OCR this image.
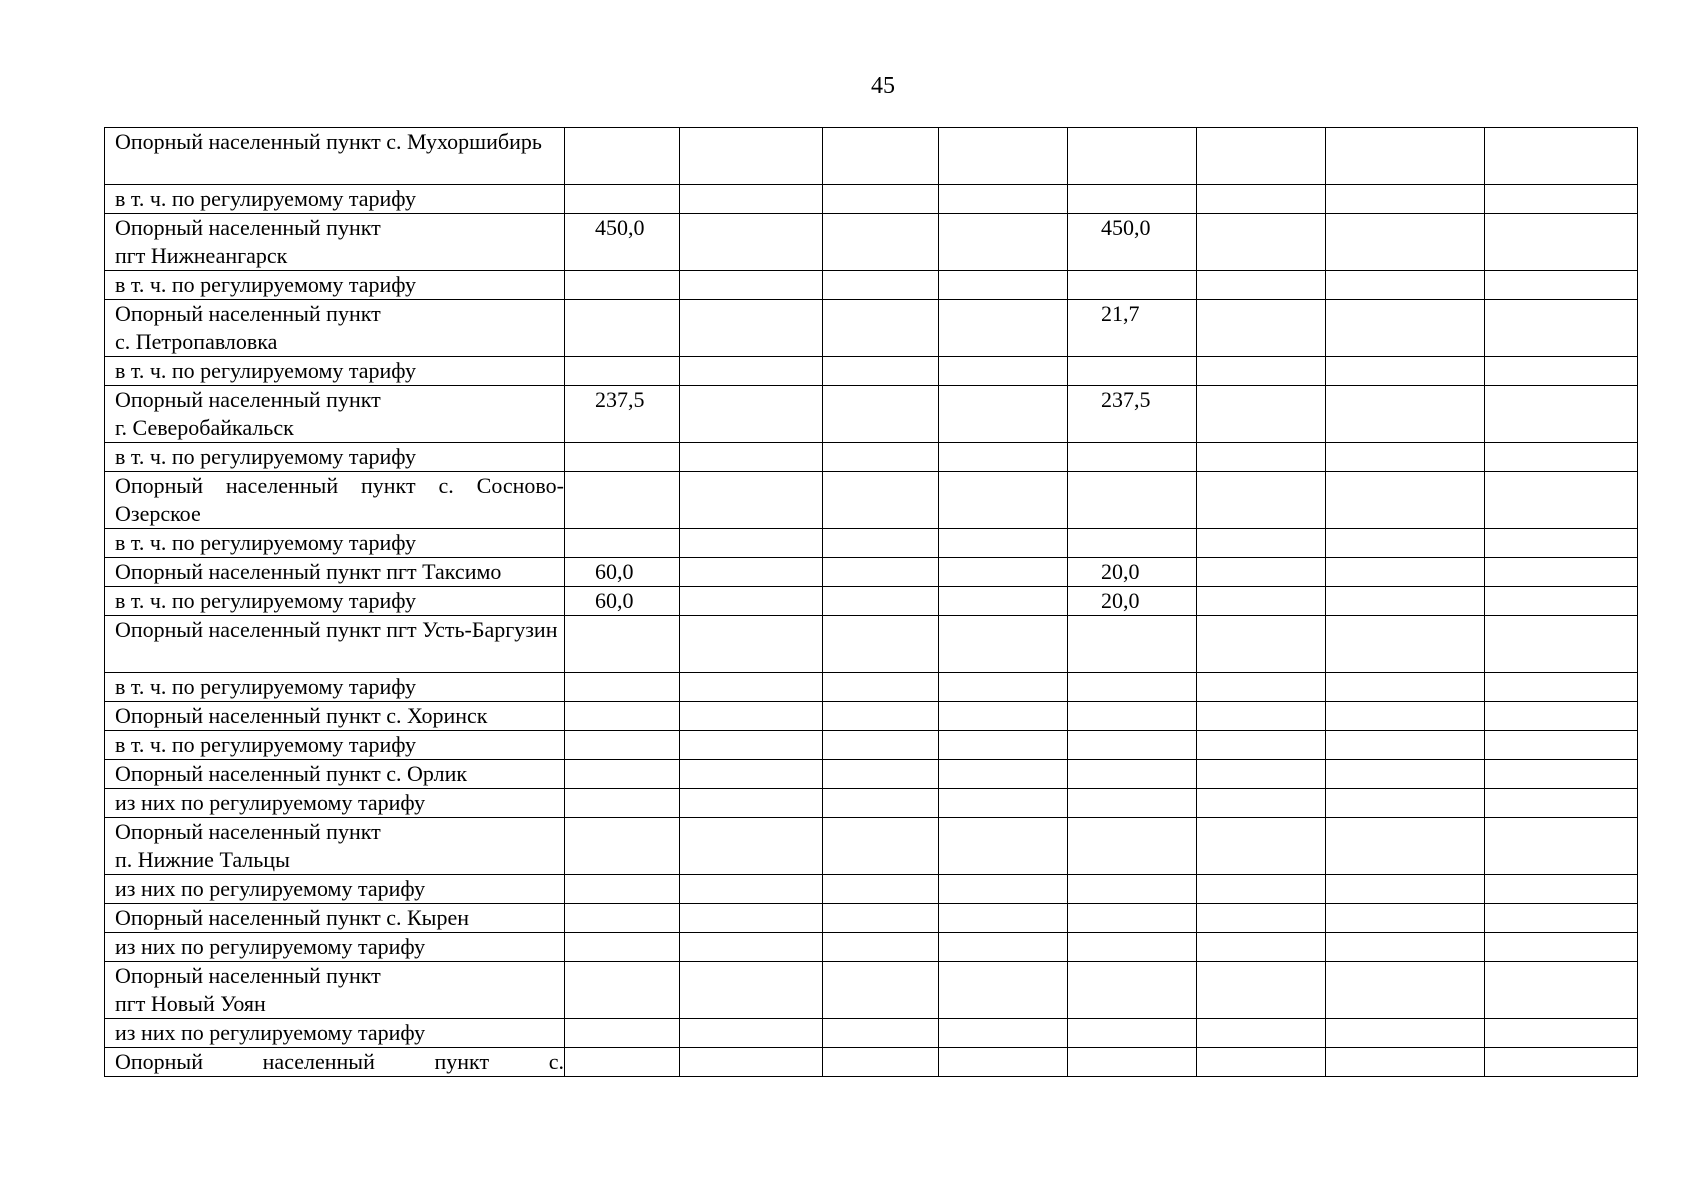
45
Опорный населенный пункт с. Мухоршибирь								
в т. ч. по регулируемому тарифу								

Опорный населенный пункт
пгт Нижнеангарск	450,0				450,0			
в т. ч. по регулируемому тарифу								

Опорный населенный пункт
с. Петропавловка					21,7			
в т. ч. по регулируемому тарифу								

Опорный населенный пункт
г. Северобайкальск	237,5				237,5			
в т. ч. по регулируемому тарифу								
Опорный населенный пункт с. Сосново-Озерское								
в т. ч. по регулируемому тарифу								
Опорный населенный пункт пгт Таксимо	60,0				20,0			
в т. ч. по регулируемому тарифу	60,0				20,0			
Опорный населенный пункт пгт Усть-Баргузин								
в т. ч. по регулируемому тарифу								
Опорный населенный пункт с. Хоринск								
в т. ч. по регулируемому тарифу								
Опорный населенный пункт с. Орлик								
из них по регулируемому тарифу								

Опорный населенный пункт
п. Нижние Тальцы								

из них по регулируемому тарифу								
Опорный населенный пункт с. Кырен								
из них по регулируемому тарифу								

Опорный населенный пункт
пгт Новый Уоян								

из них по регулируемому тарифу								
Опорный населенный пункт с.								
